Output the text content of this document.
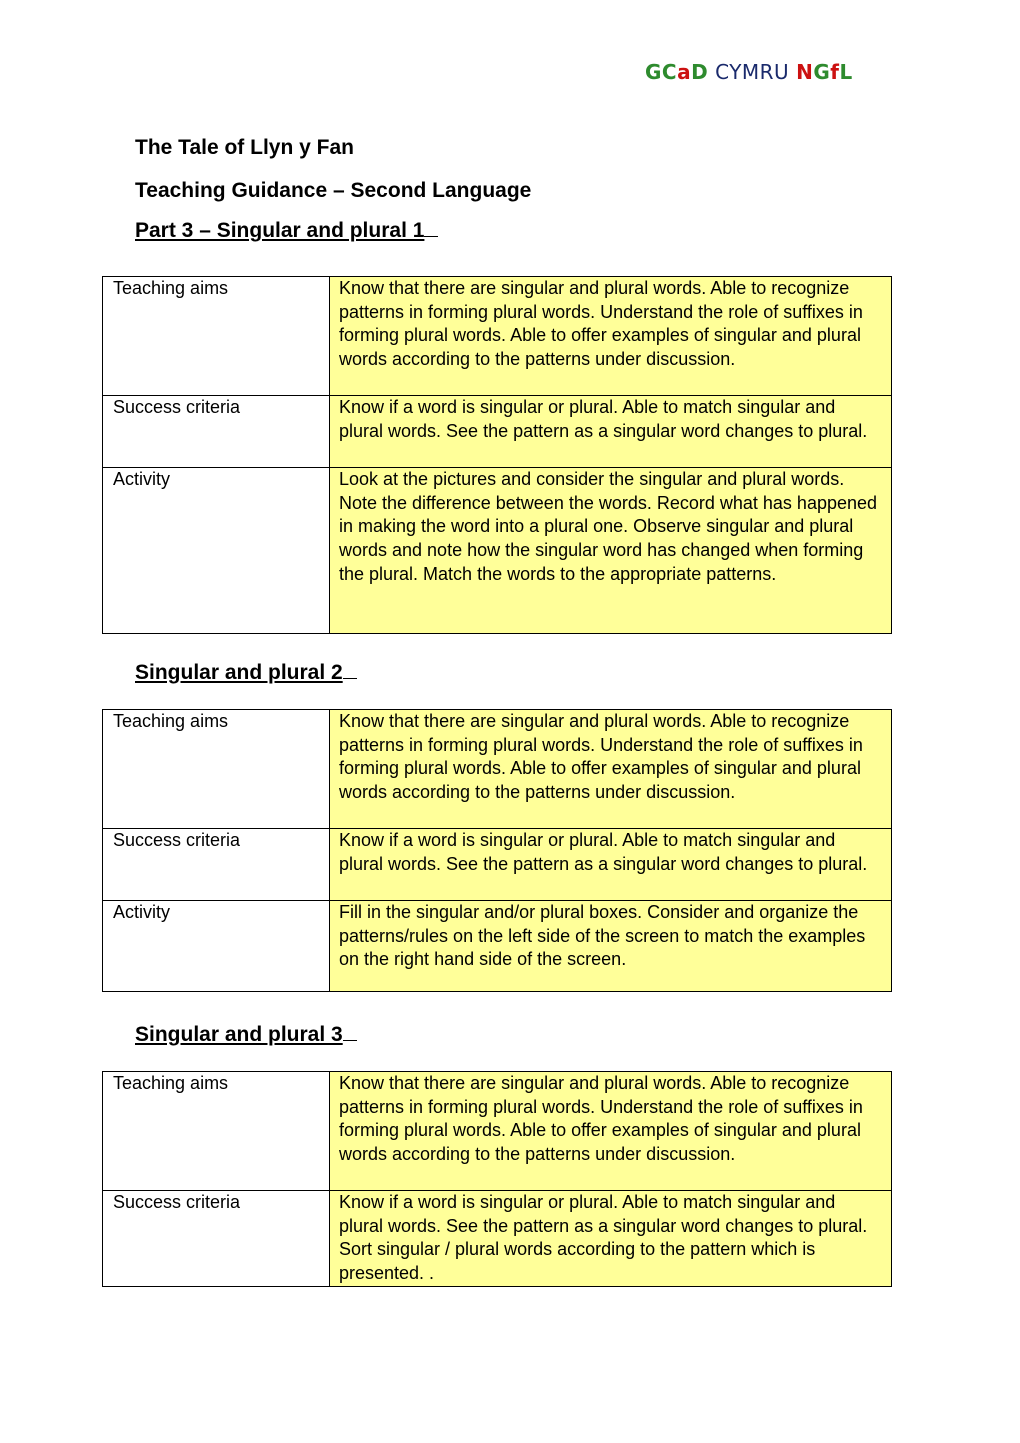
GCaD CYMRU NGfL
The Tale of Llyn y Fan
Teaching Guidance – Second Language
Part 3 – Singular and plural 1
Teaching aims	Know that there are singular and plural words. Able to recognize patterns in forming plural words. Understand the role of suffixes in forming plural words. Able to offer examples of singular and plural words according to the patterns under discussion.
Success criteria	Know if a word is singular or plural. Able to match singular and plural words. See the pattern as a singular word changes to plural.
Activity	Look at the pictures and consider the singular and plural words. Note the difference between the words. Record what has happened in making the word into a plural one. Observe singular and plural words and note how the singular word has changed when forming the plural. Match the words to the appropriate patterns.
Singular and plural 2
Teaching aims	Know that there are singular and plural words. Able to recognize patterns in forming plural words. Understand the role of suffixes in forming plural words. Able to offer examples of singular and plural words according to the patterns under discussion.
Success criteria	Know if a word is singular or plural. Able to match singular and plural words. See the pattern as a singular word changes to plural.
Activity	Fill in the singular and/or plural boxes. Consider and organize the patterns/rules on the left side of the screen to match the examples on the right hand side of the screen.
Singular and plural 3
Teaching aims	Know that there are singular and plural words. Able to recognize patterns in forming plural words. Understand the role of suffixes in forming plural words. Able to offer examples of singular and plural words according to the patterns under discussion.
Success criteria	Know if a word is singular or plural. Able to match singular and plural words. See the pattern as a singular word changes to plural. Sort singular / plural words according to the pattern which is presented. .
